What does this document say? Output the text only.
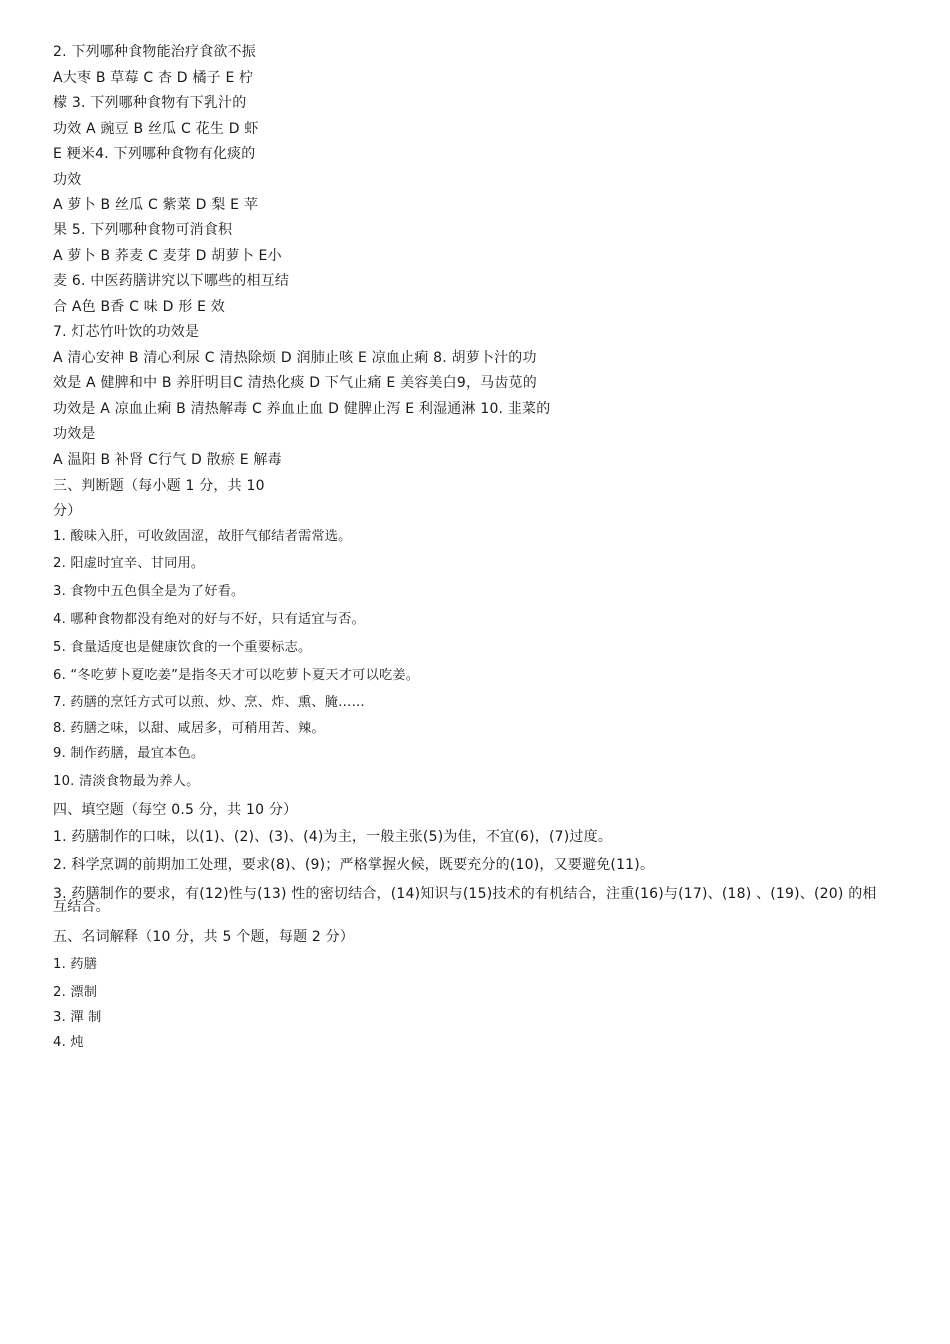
2. 下列哪种食物能治疗食欲不振
A大枣 B 草莓 C 杏 D 橘子 E 柠
檬 3. 下列哪种食物有下乳汁的
功效 A 豌豆 B 丝瓜 C 花生 D 虾
E 粳米4. 下列哪种食物有化痰的
功效
A 萝卜 B 丝瓜 C 紫菜 D 梨 E 苹
果 5. 下列哪种食物可消食积
A 萝卜 B 荞麦 C 麦芽 D 胡萝卜 E小
麦 6. 中医药膳讲究以下哪些的相互结
合 A色 B香 C 味 D 形 E 效
7. 灯芯竹叶饮的功效是
A 清心安神 B 清心利尿 C 清热除烦 D 润肺止咳 E 凉血止痢 8. 胡萝卜汁的功
效是 A 健脾和中 B 养肝明目C 清热化痰 D 下气止痛 E 美容美白9，马齿苋的
功效是 A 凉血止痢 B 清热解毒 C 养血止血 D 健脾止泻 E 利湿通淋 10. 韭菜的
功效是
A 温阳 B 补肾 C行气 D 散瘀 E 解毒
三、判断题（每小题 1 分，共 10
分）
1. 酸味入肝，可收敛固涩，故肝气郁结者需常选。
2. 阳虚时宜辛、甘同用。
3. 食物中五色俱全是为了好看。
4. 哪种食物都没有绝对的好与不好，只有适宜与否。
5. 食量适度也是健康饮食的一个重要标志。
6. “冬吃萝卜夏吃姜”是指冬天才可以吃萝卜夏天才可以吃姜。
7. 药膳的烹饪方式可以煎、炒、烹、炸、熏、腌……
8. 药膳之味，以甜、咸居多，可稍用苦、辣。
9. 制作药膳，最宜本色。
10. 清淡食物最为养人。
四、填空题（每空 0.5 分，共 10 分）
1. 药膳制作的口味，以(1)、(2)、(3)、(4)为主，一般主张(5)为佳，不宜(6)，(7)过度。
2. 科学烹调的前期加工处理，要求(8)、(9)；严格掌握火候，既要充分的(10)，又要避免(11)。
3. 药膳制作的要求，有(12)性与(13) 性的密切结合，(14)知识与(15)技术的有机结合，注重(16)与(17)、(18) 、(19)、(20) 的相
互结合。
五、名词解释（10 分，共 5 个题，每题 2 分）
1. 药膳
2. 漂制
3. 潬 制
4. 炖
